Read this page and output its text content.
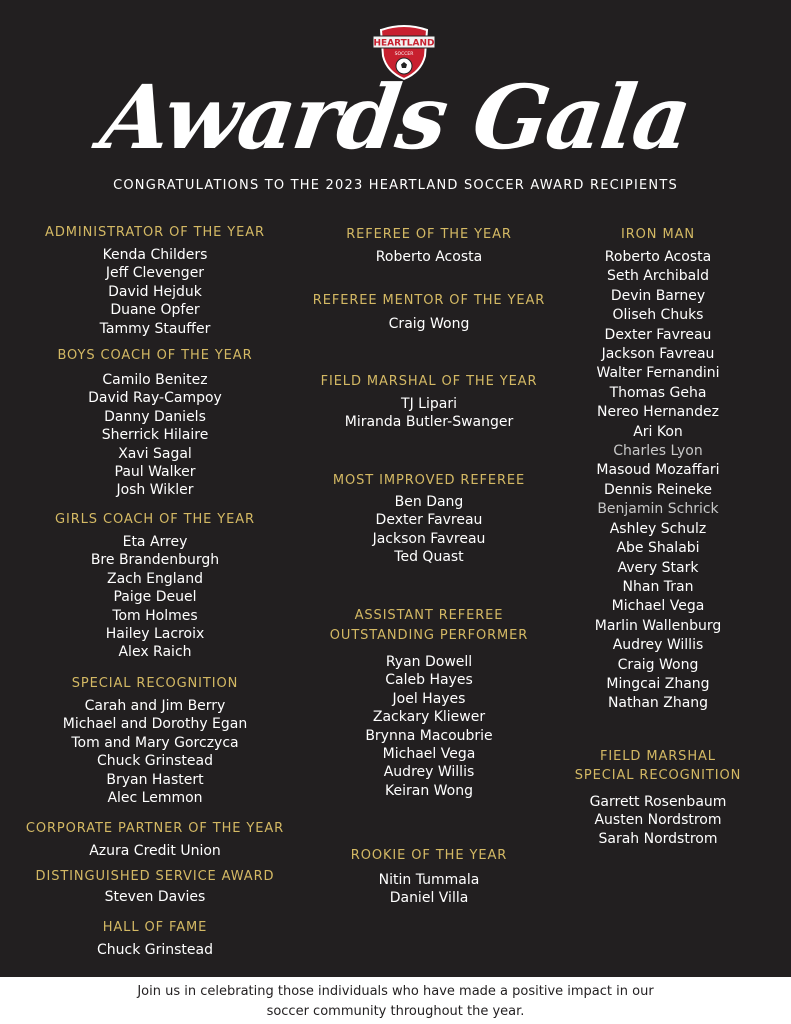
HEARTLAND
SOCCER
Awards Gala
CONGRATULATIONS TO THE 2023 HEARTLAND SOCCER AWARD RECIPIENTS
ADMINISTRATOR OF THE YEAR
Kenda Childers
Jeff Clevenger
David Hejduk
Duane Opfer
Tammy Stauffer
BOYS COACH OF THE YEAR
Camilo Benitez
David Ray-Campoy
Danny Daniels
Sherrick Hilaire
Xavi Sagal
Paul Walker
Josh Wikler
GIRLS COACH OF THE YEAR
Eta Arrey
Bre Brandenburgh
Zach England
Paige Deuel
Tom Holmes
Hailey Lacroix
Alex Raich
SPECIAL RECOGNITION
Carah and Jim Berry
Michael and Dorothy Egan
Tom and Mary Gorczyca
Chuck Grinstead
Bryan Hastert
Alec Lemmon
CORPORATE PARTNER OF THE YEAR
Azura Credit Union
DISTINGUISHED SERVICE AWARD
Steven Davies
HALL OF FAME
Chuck Grinstead
REFEREE OF THE YEAR
Roberto Acosta
REFEREE MENTOR OF THE YEAR
Craig Wong
FIELD MARSHAL OF THE YEAR
TJ Lipari
Miranda Butler-Swanger
MOST IMPROVED REFEREE
Ben Dang
Dexter Favreau
Jackson Favreau
Ted Quast
ASSISTANT REFEREE
OUTSTANDING PERFORMER
Ryan Dowell
Caleb Hayes
Joel Hayes
Zackary Kliewer
Brynna Macoubrie
Michael Vega
Audrey Willis
Keiran Wong
ROOKIE OF THE YEAR
Nitin Tummala
Daniel Villa
IRON MAN
Roberto Acosta
Seth Archibald
Devin Barney
Oliseh Chuks
Dexter Favreau
Jackson Favreau
Walter Fernandini
Thomas Geha
Nereo Hernandez
Ari Kon
Charles Lyon
Masoud Mozaffari
Dennis Reineke
Benjamin Schrick
Ashley Schulz
Abe Shalabi
Avery Stark
Nhan Tran
Michael Vega
Marlin Wallenburg
Audrey Willis
Craig Wong
Mingcai Zhang
Nathan Zhang
FIELD MARSHAL
SPECIAL RECOGNITION
Garrett Rosenbaum
Austen Nordstrom
Sarah Nordstrom
Join us in celebrating those individuals who have made a positive impact in our
soccer community throughout the year.
